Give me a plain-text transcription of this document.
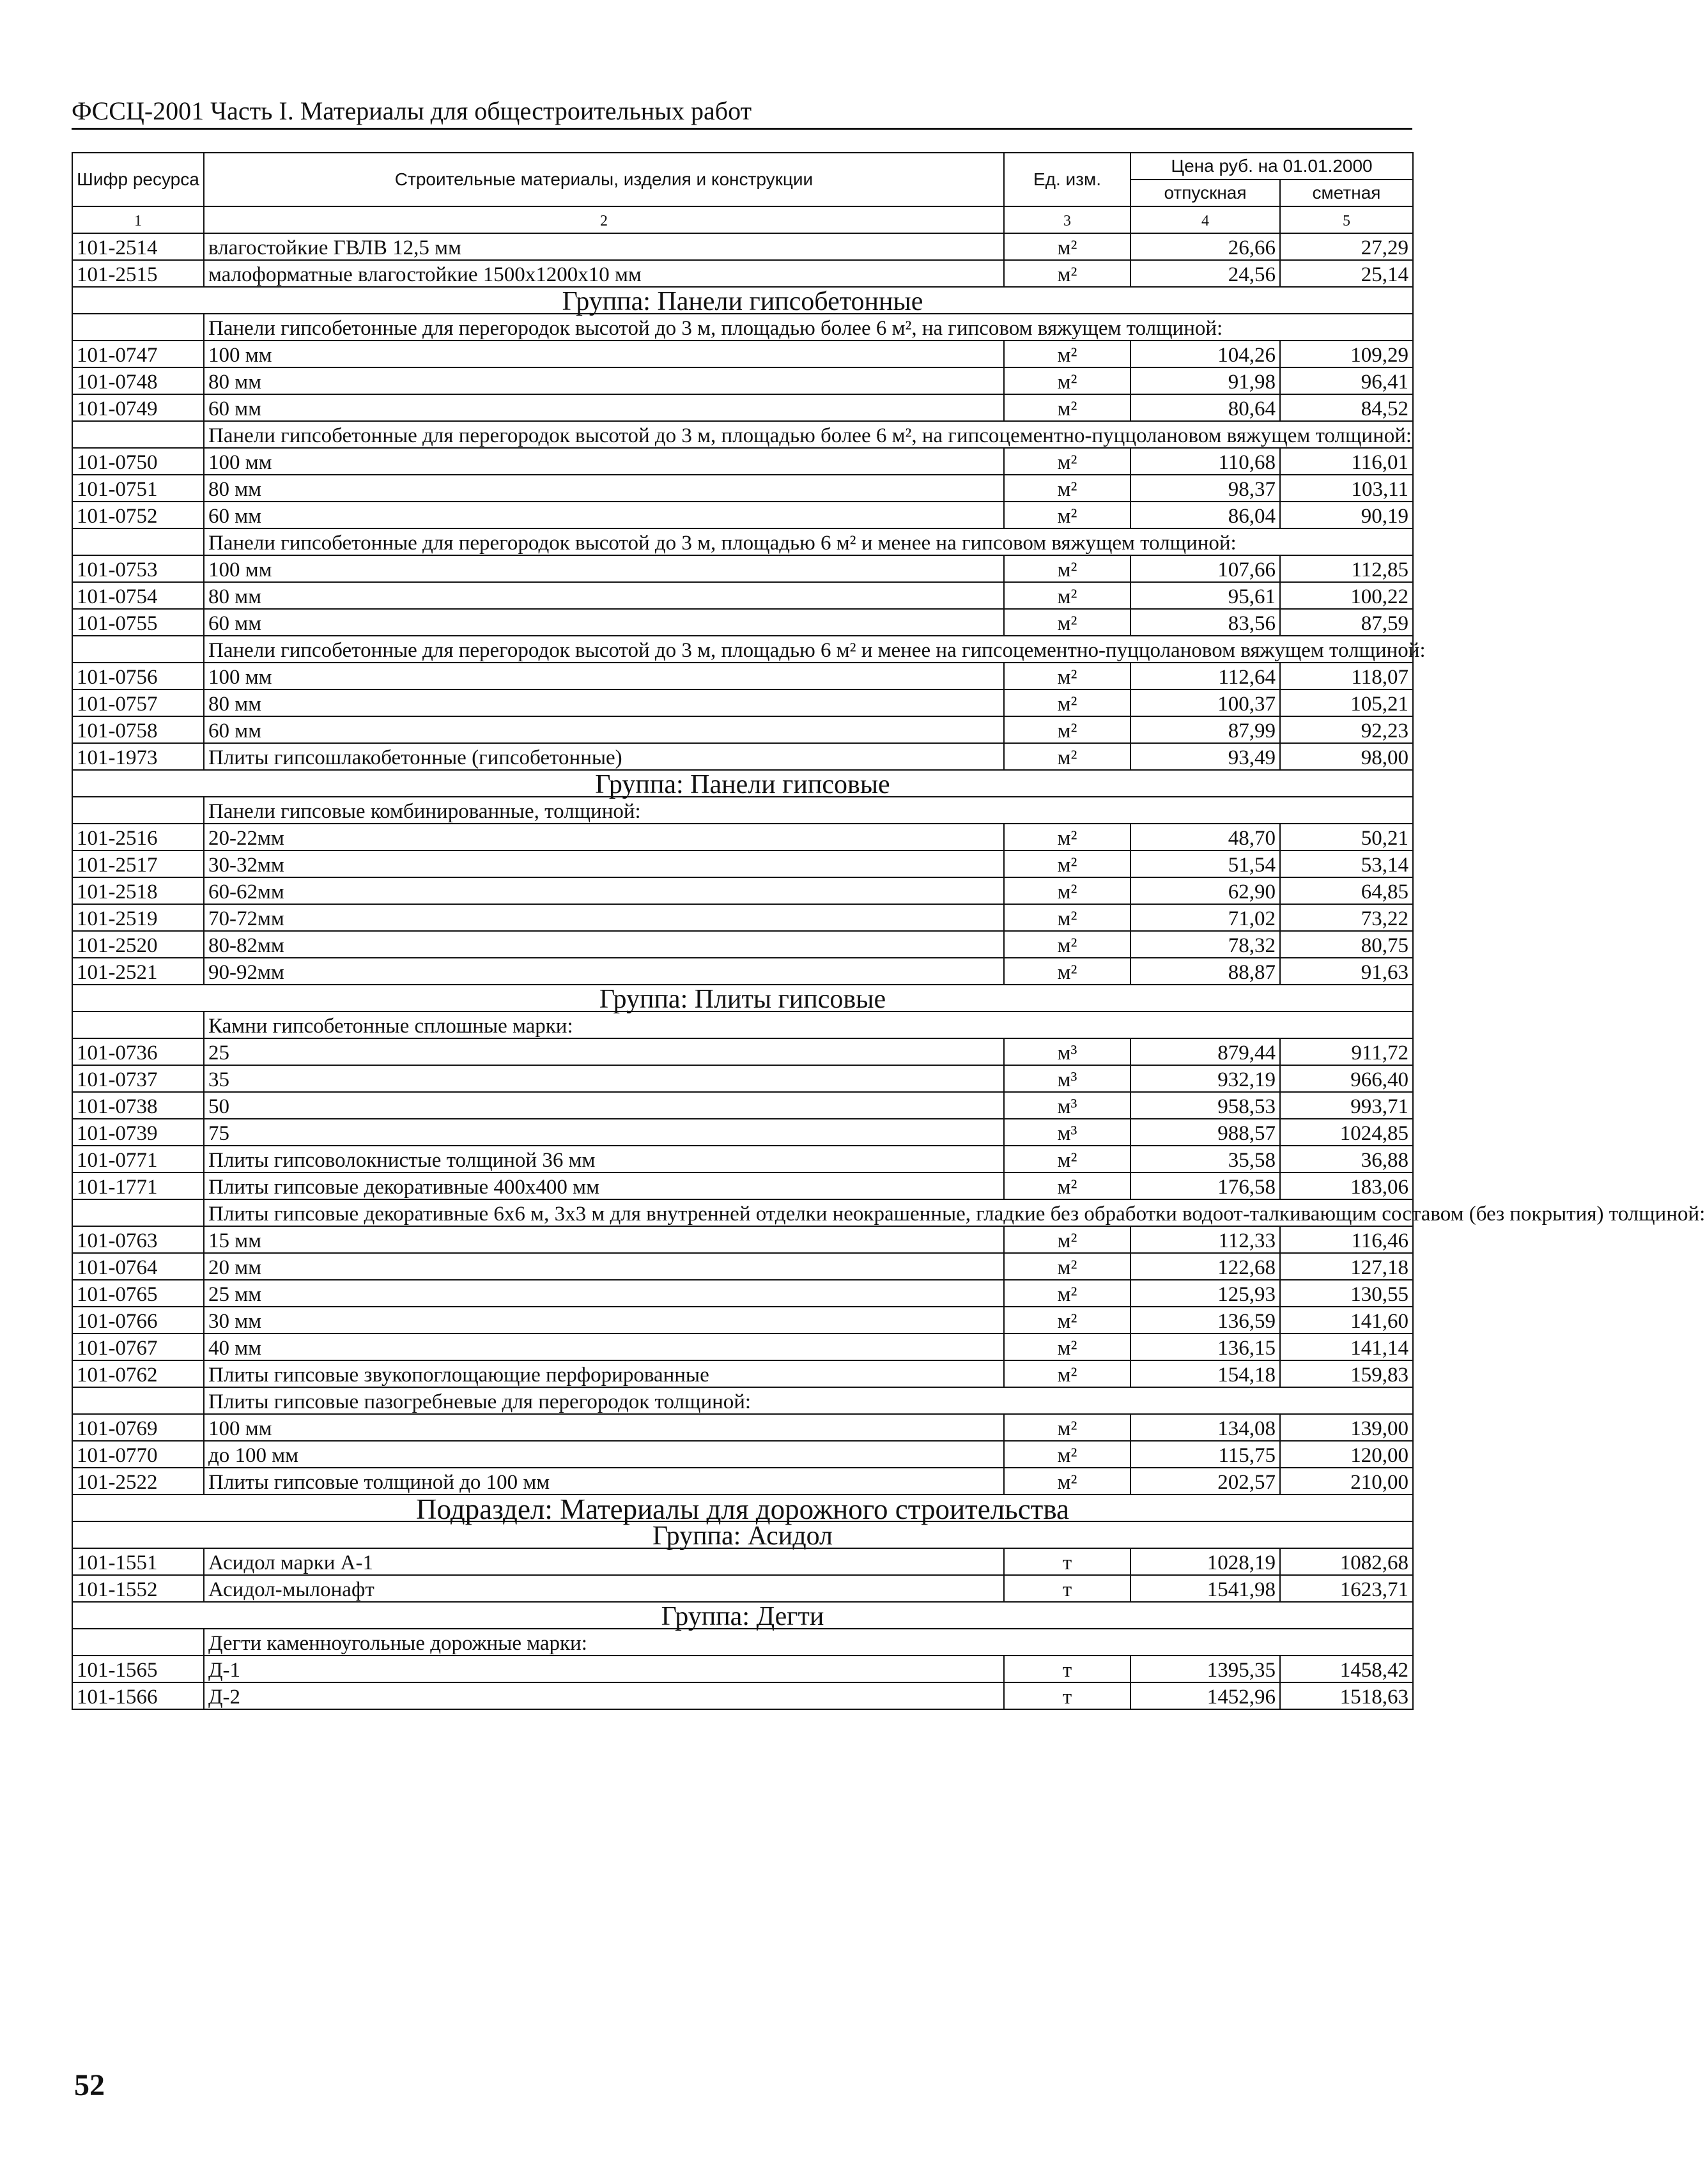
ФССЦ-2001 Часть I. Материалы для общестроительных работ
Шифр ресурса	Строительные материалы, изделия и конструкции	Ед. изм.	Цена руб. на 01.01.2000	
			отпускная	сметная
1	2	3	4	5
101-2514	влагостойкие ГВЛВ 12,5 мм	м²	26,66	27,29
101-2515	малоформатные влагостойкие 1500x1200x10 мм	м²	24,56	25,14
Группа: Панели гипсобетонные				
	Панели гипсобетонные для перегородок высотой до 3 м, площадью более 6 м², на гипсовом вяжущем толщиной:			
101-0747	100 мм	м²	104,26	109,29
101-0748	80 мм	м²	91,98	96,41
101-0749	60 мм	м²	80,64	84,52
	Панели гипсобетонные для перегородок высотой до 3 м, площадью более 6 м², на гипсоцементно-пуццолановом вяжущем толщиной:			
101-0750	100 мм	м²	110,68	116,01
101-0751	80 мм	м²	98,37	103,11
101-0752	60 мм	м²	86,04	90,19
	Панели гипсобетонные для перегородок высотой до 3 м, площадью 6 м² и менее на гипсовом вяжущем толщиной:			
101-0753	100 мм	м²	107,66	112,85
101-0754	80 мм	м²	95,61	100,22
101-0755	60 мм	м²	83,56	87,59
	Панели гипсобетонные для перегородок высотой до 3 м, площадью 6 м² и менее на гипсоцементно-пуццолановом вяжущем толщиной:			
101-0756	100 мм	м²	112,64	118,07
101-0757	80 мм	м²	100,37	105,21
101-0758	60 мм	м²	87,99	92,23
101-1973	Плиты гипсошлакобетонные (гипсобетонные)	м²	93,49	98,00
Группа: Панели гипсовые				
	Панели гипсовые комбинированные, толщиной:			
101-2516	20-22мм	м²	48,70	50,21
101-2517	30-32мм	м²	51,54	53,14
101-2518	60-62мм	м²	62,90	64,85
101-2519	70-72мм	м²	71,02	73,22
101-2520	80-82мм	м²	78,32	80,75
101-2521	90-92мм	м²	88,87	91,63
Группа: Плиты гипсовые				
	Камни гипсобетонные сплошные марки:			
101-0736	25	м³	879,44	911,72
101-0737	35	м³	932,19	966,40
101-0738	50	м³	958,53	993,71
101-0739	75	м³	988,57	1024,85
101-0771	Плиты гипсоволокнистые толщиной 36 мм	м²	35,58	36,88
101-1771	Плиты гипсовые декоративные 400x400 мм	м²	176,58	183,06
	Плиты гипсовые декоративные 6x6 м, 3x3 м для внутренней отделки неокрашенные, гладкие без обработки водоот-талкивающим составом (без покрытия) толщиной:			
101-0763	15 мм	м²	112,33	116,46
101-0764	20 мм	м²	122,68	127,18
101-0765	25 мм	м²	125,93	130,55
101-0766	30 мм	м²	136,59	141,60
101-0767	40 мм	м²	136,15	141,14
101-0762	Плиты гипсовые звукопоглощающие перфорированные	м²	154,18	159,83
	Плиты гипсовые пазогребневые для перегородок толщиной:			
101-0769	100 мм	м²	134,08	139,00
101-0770	до 100 мм	м²	115,75	120,00
101-2522	Плиты гипсовые толщиной до 100 мм	м²	202,57	210,00
Подраздел: Материалы для дорожного строительства				
Группа: Асидол				
101-1551	Асидол марки А-1	т	1028,19	1082,68
101-1552	Асидол-мылонафт	т	1541,98	1623,71
Группа: Дегти				
	Дегти каменноугольные дорожные марки:			
101-1565	Д-1	т	1395,35	1458,42
101-1566	Д-2	т	1452,96	1518,63
52
